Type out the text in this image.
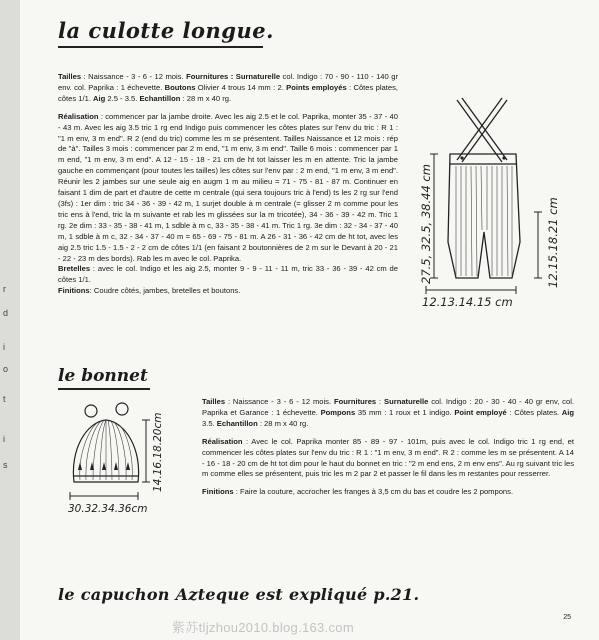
r
d
i
o
t
i
s
la culotte longue.

Tailles : Naissance - 3 - 6 - 12 mois. Fournitures : Surnaturelle col. Indigo : 70 - 90 - 110 - 140 gr env. col. Paprika : 1 échevette. Boutons Olivier 4 trous 14 mm : 2. Points employés : Côtes plates, côtes 1/1. Aig 2.5 - 3.5. Echantillon : 28 m x 40 rg.

Réalisation : commencer par la jambe droite. Avec les aig 2.5 et le col. Paprika, monter 35 - 37 - 40 - 43 m. Avec les aig 3.5 tric 1 rg end Indigo puis commencer les côtes plates sur l'env du tric : R 1 : "1 m env, 3 m end". R 2 (end du tric) comme les m se présentent. Tailles Naissance et 12 mois : rép de "à". Tailles 3 mois : commencer par 2 m end, "1 m env, 3 m end". Taille 6 mois : commencer par 1 m end, "1 m env, 3 m end". A 12 - 15 - 18 - 21 cm de ht tot laisser les m en attente. Tric la jambe gauche en commençant (pour toutes les tailles) les côtes sur l'env par : 2 m end, "1 m env, 3 m end". Réunir les 2 jambes sur une seule aig en augm 1 m au milieu = 71 - 75 - 81 - 87 m. Continuer en faisant 1 dim de part et d'autre de cette m centrale (qui sera toujours tric à l'end) ts les 2 rg sur l'end (3fs) : 1er dim : tric 34 - 36 - 39 - 42 m, 1 surjet double à m centrale (= glisser 2 m comme pour les tric ens à l'end, tric la m suivante et rab les m glissées sur la m tricotée), 34 - 36 - 39 - 42 m. Tric 1 rg. 2e dim : 33 - 35 - 38 - 41 m, 1 sdble à m c, 33 - 35 - 38 - 41 m. Tric 1 rg. 3e dim : 32 - 34 - 37 - 40 m, 1 sdble à m c, 32 - 34 - 37 - 40 m = 65 - 69 - 75 - 81 m. A 26 - 31 - 36 - 42 cm de ht tot, avec les aig 2.5 tric 1.5 - 1.5 - 2 - 2 cm de côtes 1/1 (en faisant 2 boutonnières de 2 m sur le Devant à 20 - 21 - 22 - 23 m des bords). Rab les m avec le col. Paprika.

Bretelles : avec le col. Indigo et les aig 2.5, monter 9 - 9 - 11 - 11 m, tric 33 - 36 - 39 - 42 cm de côtes 1/1.

Finitions: Coudre côtés, jambes, bretelles et boutons.

27.5, 32.5, 38.44 cm	12.15.18.21 cm
12.13.14.15 cm
le bonnet
14.16.18.20cm
30.32.34.36cm

Tailles : Naissance - 3 - 6 - 12 mois. Fournitures : Surnaturelle col. Indigo : 20 - 30 - 40 - 40 gr env, col. Paprika et Garance : 1 échevette. Pompons 35 mm : 1 roux et 1 indigo. Point employé : Côtes plates. Aig 3.5. Echantillon : 28 m x 40 rg.

Réalisation : Avec le col. Paprika monter 85 - 89 - 97 - 101m, puis avec le col. Indigo tric 1 rg end, et commencer les côtes plates sur l'env du tric : R 1 : "1 m env, 3 m end". R 2 : comme les m se présentent. A 14 - 16 - 18 - 20 cm de ht tot dim pour le haut du bonnet en tric : "2 m end ens, 2 m env ens". Au rg suivant tric les m comme elles se présentent, puis tric les m 2 par 2 et passer le fil dans les m restantes pour resserrer.

Finitions : Faire la couture, accrocher les franges à 3,5 cm du bas et coudre les 2 pompons.

le capuchon Azteque est expliqué p.21.
25
紫苏tljzhou2010.blog.163.com
